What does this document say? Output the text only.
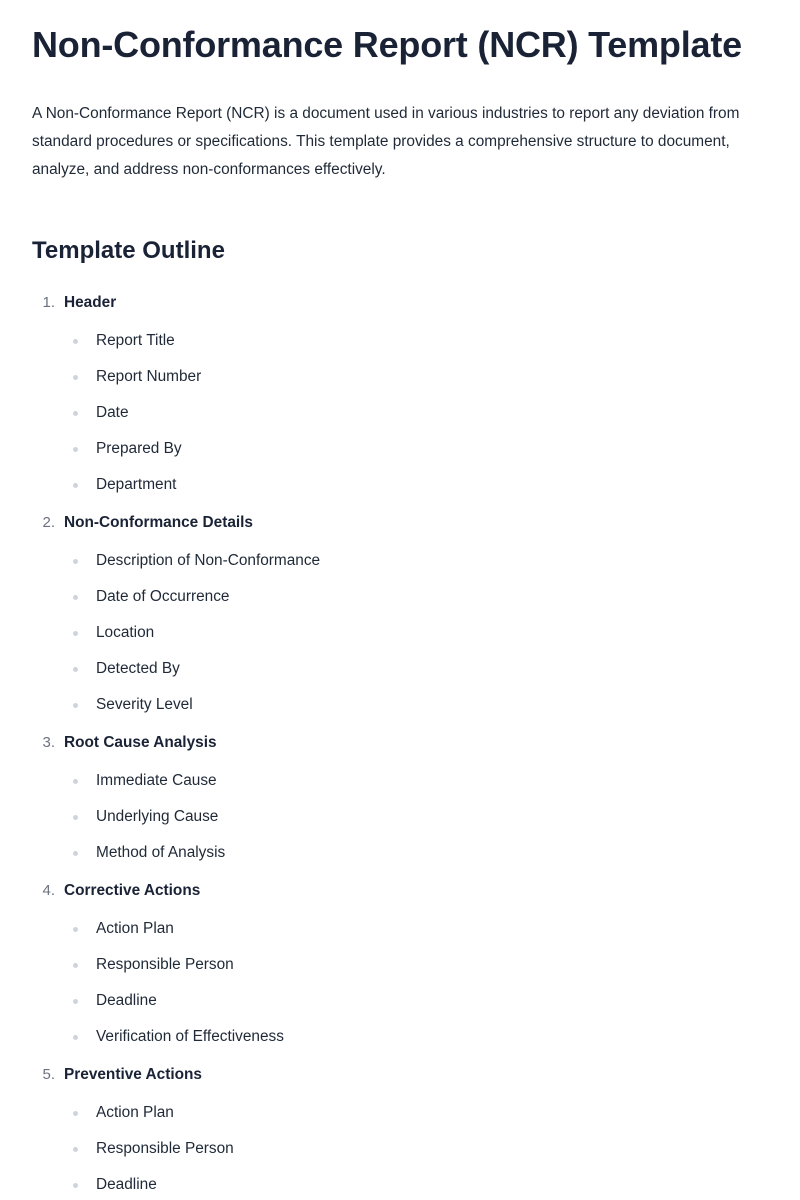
Non-Conformance Report (NCR) Template

A Non-Conformance Report (NCR) is a document used in various industries to report any deviation from standard procedures or specifications. This template provides a comprehensive structure to document, analyze, and address non-conformances effectively.

Template Outline
1. Header
Report Title
Report Number
Date
Prepared By
Department
2. Non-Conformance Details
Description of Non-Conformance
Date of Occurrence
Location
Detected By
Severity Level
3. Root Cause Analysis
Immediate Cause
Underlying Cause
Method of Analysis
4. Corrective Actions
Action Plan
Responsible Person
Deadline
Verification of Effectiveness
5. Preventive Actions
Action Plan
Responsible Person
Deadline
